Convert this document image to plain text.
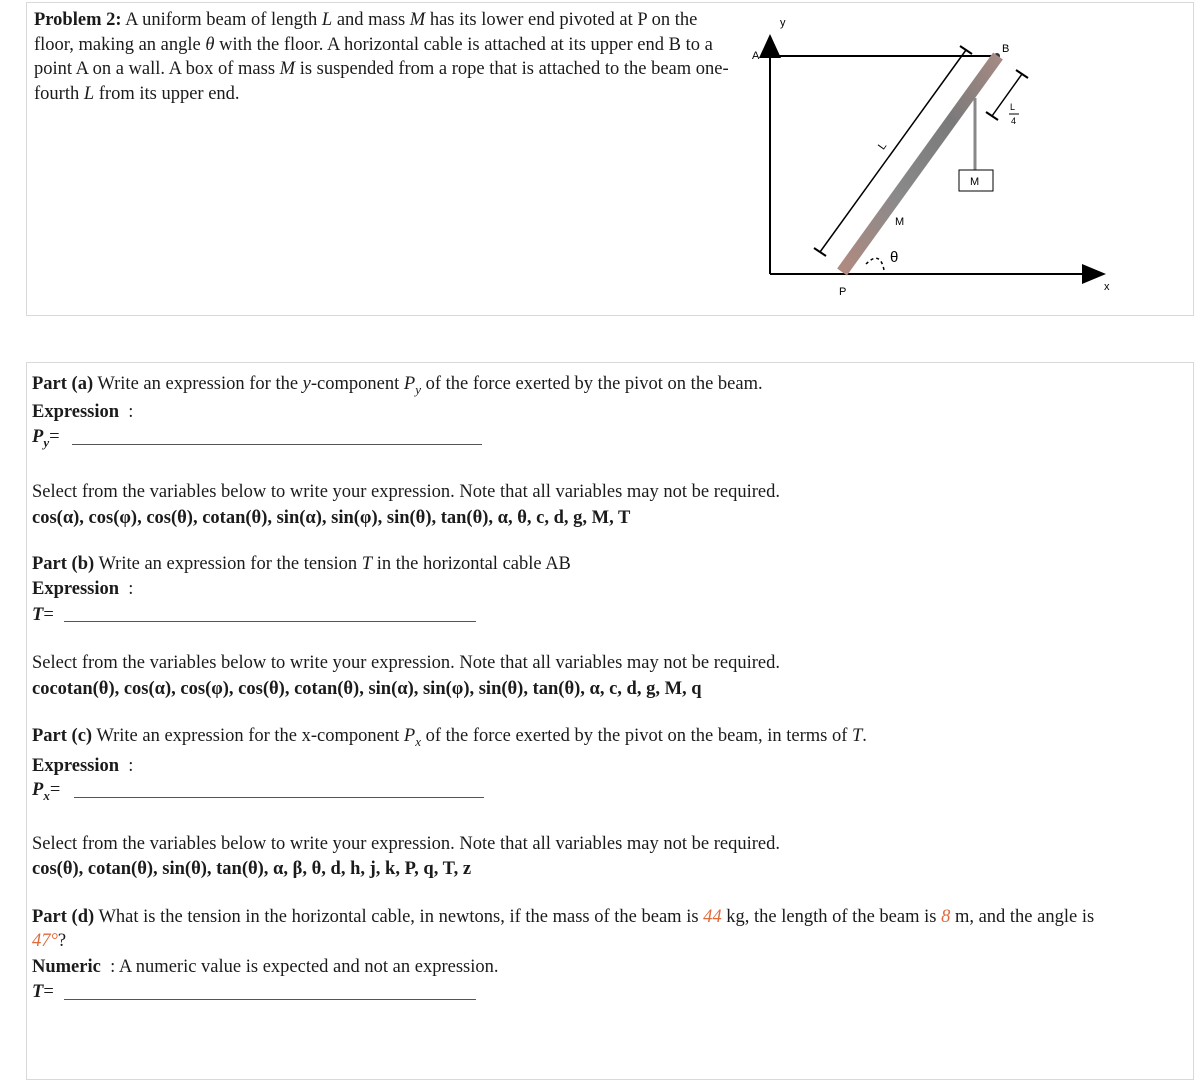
Problem 2: A uniform beam of length L and mass M has its lower end pivoted at P on the floor, making an angle θ with the floor. A horizontal cable is attached at its upper end B to a point A on a wall. A box of mass M is suspended from a rope that is attached to the beam one-fourth L from its upper end.
y
x
A
B
P
M
L
L
4
M
θ
Part (a) Write an expression for the y-component $P_y$ of the force exerted by the pivot on the beam.
Expression :
$P_y=$
Select from the variables below to write your expression. Note that all variables may not be required.
cos(α), cos(φ), cos(θ), cotan(θ), sin(α), sin(φ), sin(θ), tan(θ), α, θ, c, d, g, M, T
Part (b) Write an expression for the tension T in the horizontal cable AB
Expression :
T=
Select from the variables below to write your expression. Note that all variables may not be required.
cocotan(θ), cos(α), cos(φ), cos(θ), cotan(θ), sin(α), sin(φ), sin(θ), tan(θ), α, c, d, g, M, q
Part (c) Write an expression for the x-component $P_x$ of the force exerted by the pivot on the beam, in terms of T.
Expression :
$P_x=$
Select from the variables below to write your expression. Note that all variables may not be required.
cos(θ), cotan(θ), sin(θ), tan(θ), α, β, θ, d, h, j, k, P, q, T, z
Part (d) What is the tension in the horizontal cable, in newtons, if the mass of the beam is 44 kg, the length of the beam is 8 m, and the angle is
47°?
Numeric : A numeric value is expected and not an expression.
T=
